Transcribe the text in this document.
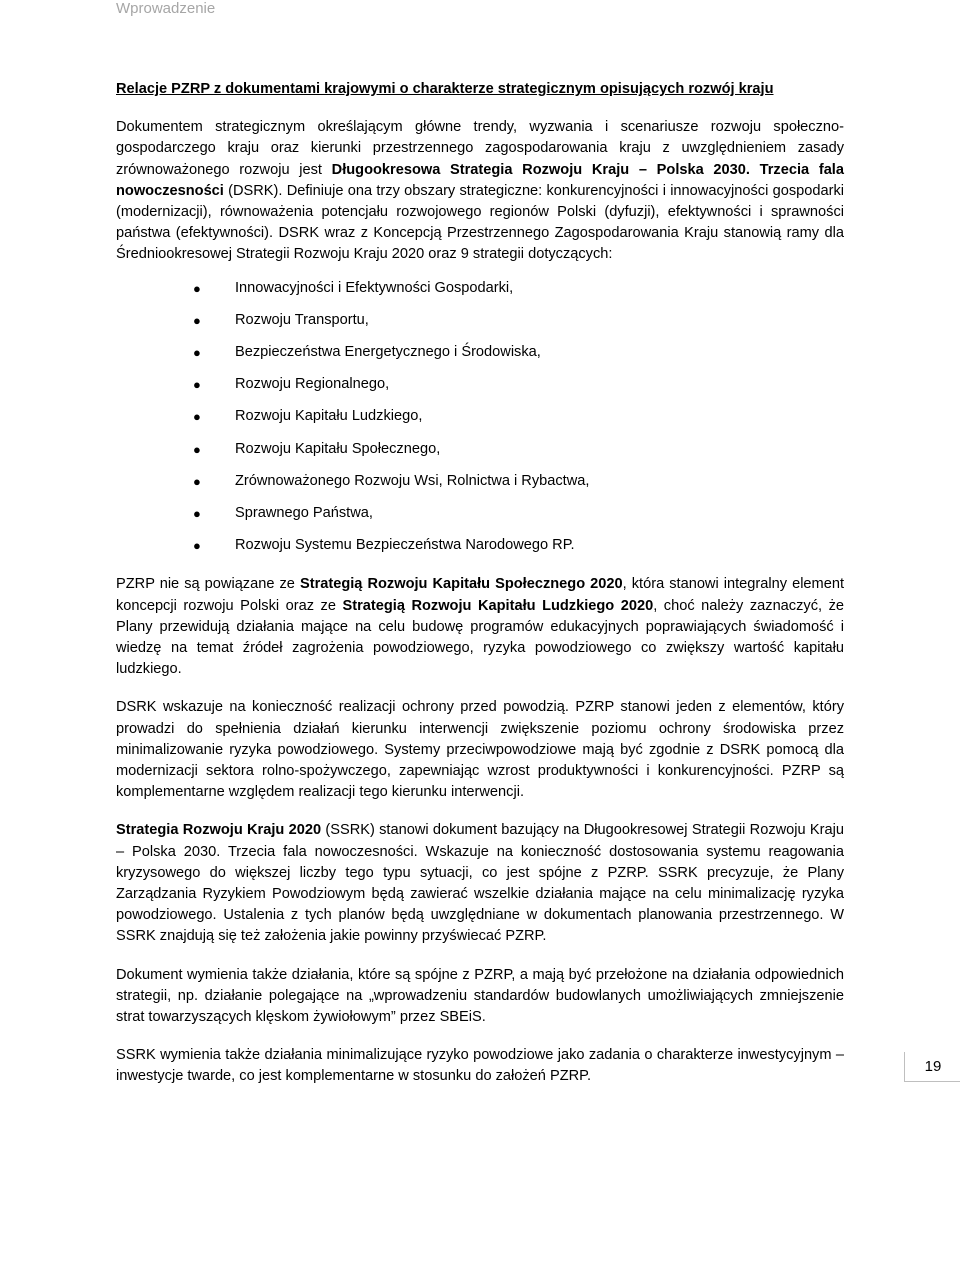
Wprowadzenie
Relacje PZRP z dokumentami krajowymi o charakterze strategicznym opisujących rozwój kraju

Dokumentem strategicznym określającym główne trendy, wyzwania i scenariusze rozwoju społeczno-gospodarczego kraju oraz kierunki przestrzennego zagospodarowania kraju z uwzględnieniem zasady zrównoważonego rozwoju jest Długookresowa Strategia Rozwoju Kraju – Polska 2030. Trzecia fala nowoczesności (DSRK). Definiuje ona trzy obszary strategiczne: konkurencyjności i innowacyjności gospodarki (modernizacji), równoważenia potencjału rozwojowego regionów Polski (dyfuzji), efektywności i sprawności państwa (efektywności). DSRK wraz z Koncepcją Przestrzennego Zagospodarowania Kraju stanowią ramy dla Średniookresowej Strategii Rozwoju Kraju 2020 oraz 9 strategii dotyczących:

● Innowacyjności i Efektywności Gospodarki,
● Rozwoju Transportu,
● Bezpieczeństwa Energetycznego i Środowiska,
● Rozwoju Regionalnego,
● Rozwoju Kapitału Ludzkiego,
● Rozwoju Kapitału Społecznego,
● Zrównoważonego Rozwoju Wsi, Rolnictwa i Rybactwa,
● Sprawnego Państwa,
● Rozwoju Systemu Bezpieczeństwa Narodowego RP.

PZRP nie są powiązane ze Strategią Rozwoju Kapitału Społecznego 2020, która stanowi integralny element koncepcji rozwoju Polski oraz ze Strategią Rozwoju Kapitału Ludzkiego 2020, choć należy zaznaczyć, że Plany przewidują działania mające na celu budowę programów edukacyjnych poprawiających świadomość i wiedzę na temat źródeł zagrożenia powodziowego, ryzyka powodziowego co zwiększy wartość kapitału ludzkiego.

DSRK wskazuje na konieczność realizacji ochrony przed powodzią. PZRP stanowi jeden z elementów, który prowadzi do spełnienia działań kierunku interwencji zwiększenie poziomu ochrony środowiska przez minimalizowanie ryzyka powodziowego. Systemy przeciwpowodziowe mają być zgodnie z DSRK pomocą dla modernizacji sektora rolno-spożywczego, zapewniając wzrost produktywności i konkurencyjności. PZRP są komplementarne względem realizacji tego kierunku interwencji.

Strategia Rozwoju Kraju 2020 (SSRK) stanowi dokument bazujący na Długookresowej Strategii Rozwoju Kraju – Polska 2030. Trzecia fala nowoczesności. Wskazuje na konieczność dostosowania systemu reagowania kryzysowego do większej liczby tego typu sytuacji, co jest spójne z PZRP. SSRK precyzuje, że Plany Zarządzania Ryzykiem Powodziowym będą zawierać wszelkie działania mające na celu minimalizację ryzyka powodziowego. Ustalenia z tych planów będą uwzględniane w dokumentach planowania przestrzennego. W SSRK znajdują się też założenia jakie powinny przyświecać PZRP.

Dokument wymienia także działania, które są spójne z PZRP, a mają być przełożone na działania odpowiednich strategii, np. działanie polegające na „wprowadzeniu standardów budowlanych umożliwiających zmniejszenie strat towarzyszących klęskom żywiołowym” przez SBEiS.

SSRK wymienia także działania minimalizujące ryzyko powodziowe jako zadania o charakterze inwestycyjnym – inwestycje twarde, co jest komplementarne w stosunku do założeń PZRP.

19
